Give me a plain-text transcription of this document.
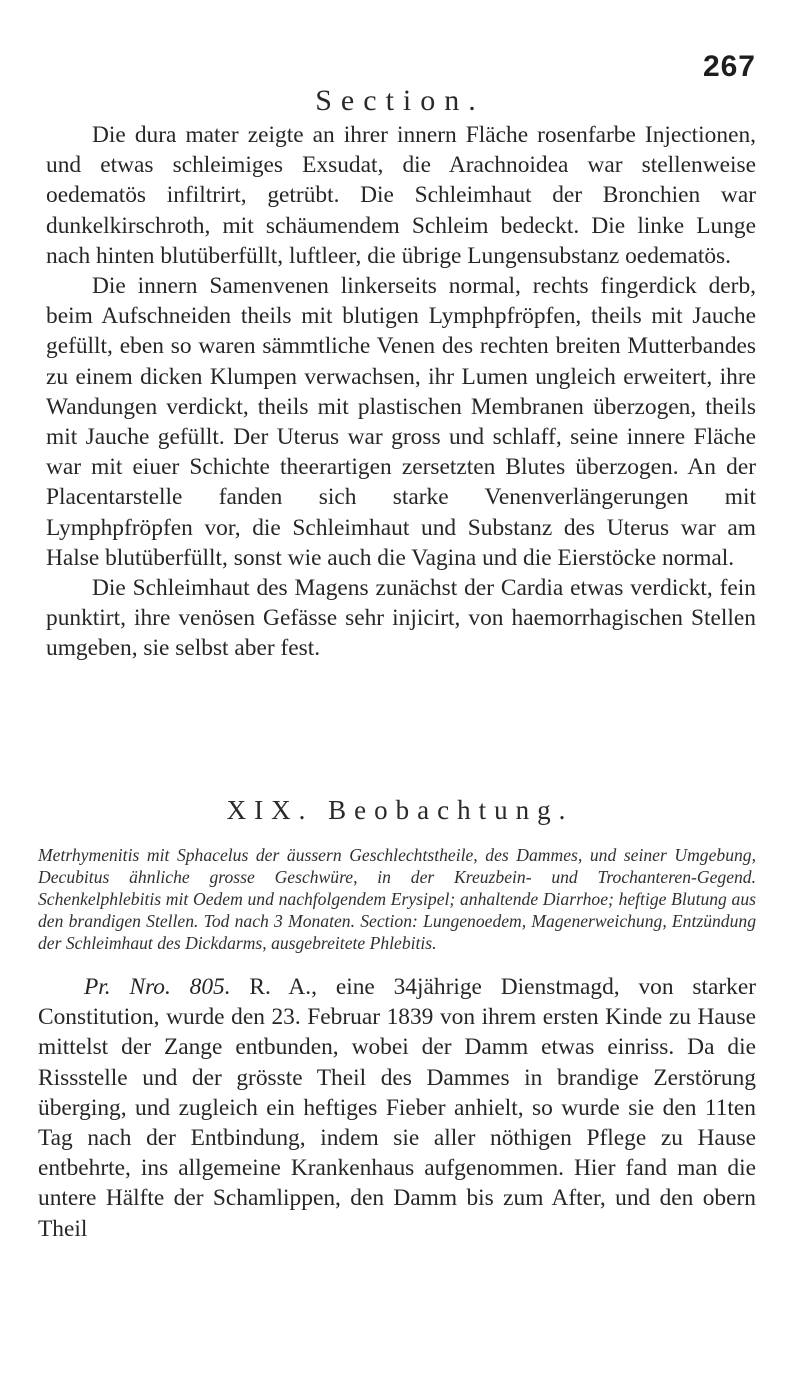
267
Section.

Die dura mater zeigte an ihrer innern Fläche rosenfarbe Injectionen, und etwas schleimiges Exsudat, die Arachnoidea war stellenweise oedematös infiltrirt, getrübt. Die Schleimhaut der Bronchien war dunkelkirschroth, mit schäumendem Schleim bedeckt. Die linke Lunge nach hinten blutüberfüllt, luftleer, die übrige Lungensubstanz oedematös.

Die innern Samenvenen linkerseits normal, rechts fingerdick derb, beim Aufschneiden theils mit blutigen Lymphpfröpfen, theils mit Jauche gefüllt, eben so waren sämmtliche Venen des rechten breiten Mutterbandes zu einem dicken Klumpen verwachsen, ihr Lumen ungleich erweitert, ihre Wandungen verdickt, theils mit plastischen Membranen überzogen, theils mit Jauche gefüllt. Der Uterus war gross und schlaff, seine innere Fläche war mit eiuer Schichte theerartigen zersetzten Blutes überzogen. An der Placentarstelle fanden sich starke Venenverlängerungen mit Lymphpfröpfen vor, die Schleimhaut und Substanz des Uterus war am Halse blutüberfüllt, sonst wie auch die Vagina und die Eierstöcke normal.

Die Schleimhaut des Magens zunächst der Cardia etwas verdickt, fein punktirt, ihre venösen Gefässe sehr injicirt, von haemorrhagischen Stellen umgeben, sie selbst aber fest.

XIX. Beobachtung.
Metrhymenitis mit Sphacelus der äussern Geschlechtstheile, des Dammes, und seiner Umgebung, Decubitus ähnliche grosse Geschwüre, in der Kreuzbein- und Trochanteren-Gegend. Schenkelphlebitis mit Oedem und nachfolgendem Erysipel; anhaltende Diarrhoe; heftige Blutung aus den brandigen Stellen. Tod nach 3 Monaten. Section: Lungenoedem, Magenerweichung, Entzündung der Schleimhaut des Dickdarms, ausgebreitete Phlebitis.

Pr. Nro. 805. R. A., eine 34jährige Dienstmagd, von starker Constitution, wurde den 23. Februar 1839 von ihrem ersten Kinde zu Hause mittelst der Zange entbunden, wobei der Damm etwas einriss. Da die Rissstelle und der grösste Theil des Dammes in brandige Zerstörung überging, und zugleich ein heftiges Fieber anhielt, so wurde sie den 11ten Tag nach der Entbindung, indem sie aller nöthigen Pflege zu Hause entbehrte, ins allgemeine Krankenhaus aufgenommen. Hier fand man die untere Hälfte der Schamlippen, den Damm bis zum After, und den obern Theil
